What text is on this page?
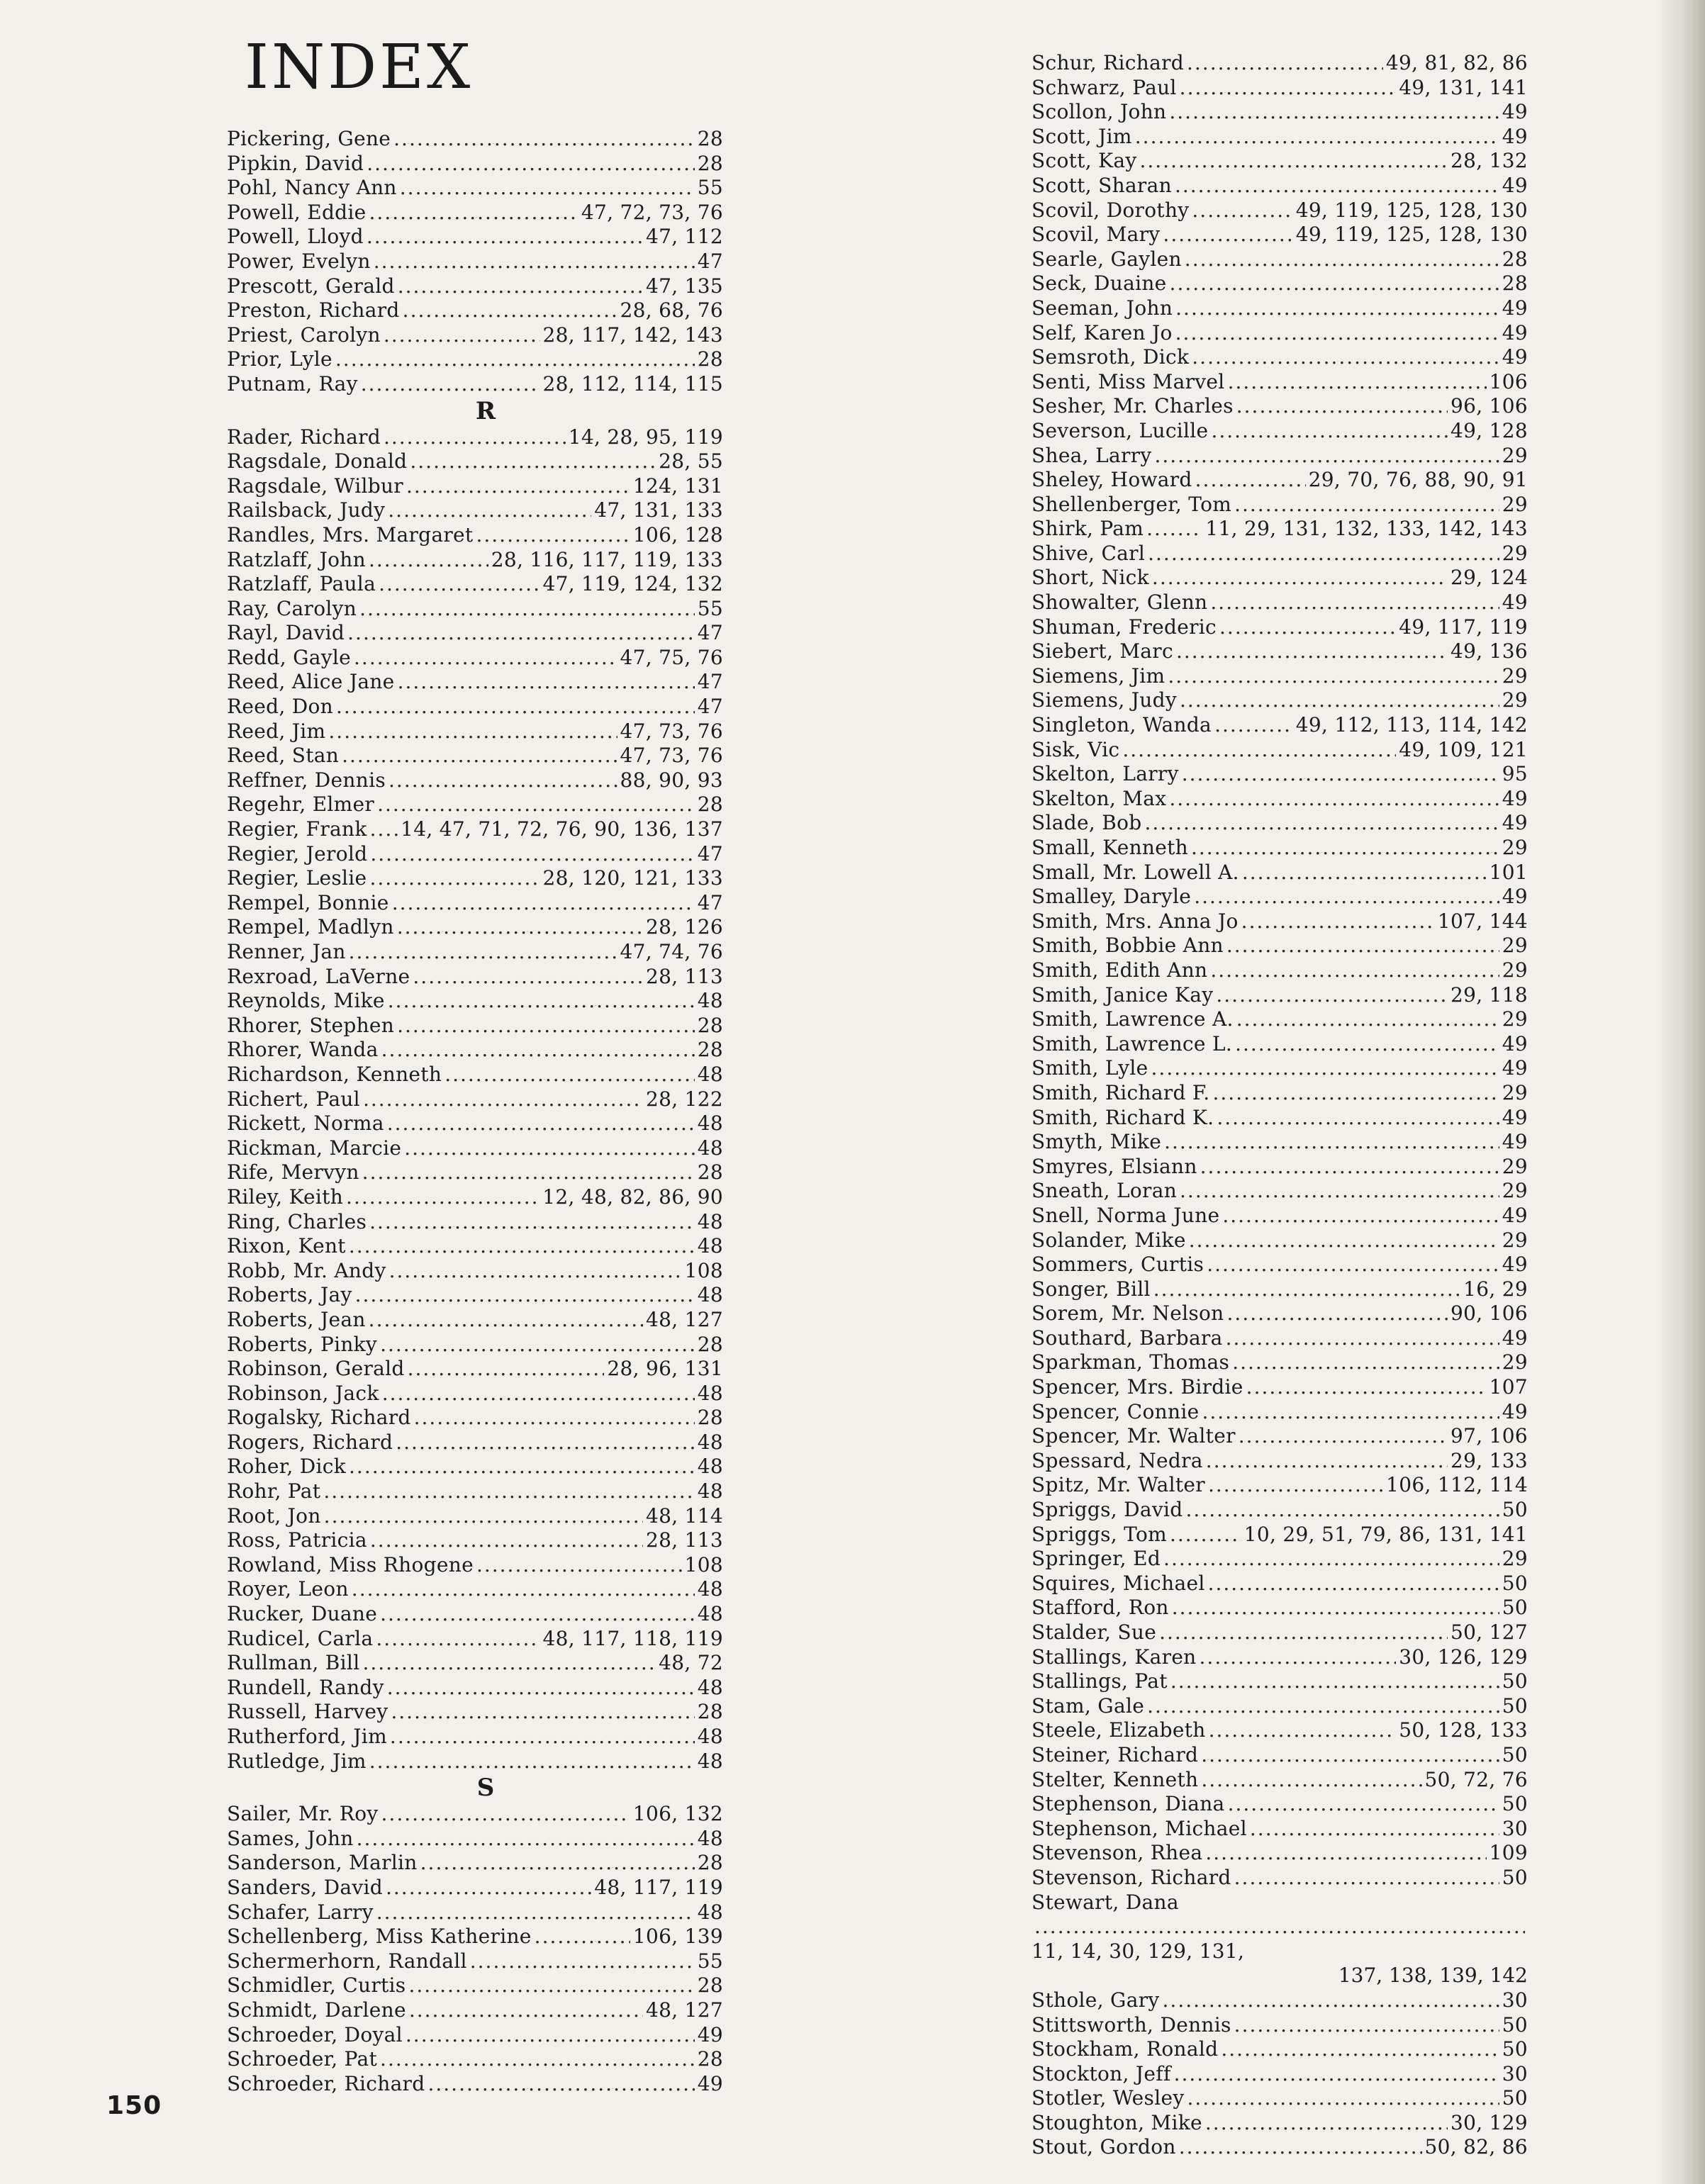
INDEX
Pickering, Gene .....	28
Pipkin, David .....	28
Pohl, Nancy Ann .....	55
Powell, Eddie .....	47, 72, 73, 76
Powell, Lloyd .....	47, 112
Power, Evelyn .....	47
Prescott, Gerald .....	47, 135
Preston, Richard .....	28, 68, 76
Priest, Carolyn .....	28, 117, 142, 143
Prior, Lyle .....	28
Putnam, Ray .....	28, 112, 114, 115
R
Rader, Richard .....	14, 28, 95, 119
Ragsdale, Donald .....	28, 55
Ragsdale, Wilbur .....	124, 131
Railsback, Judy .....	47, 131, 133
Randles, Mrs. Margaret .....	106, 128
Ratzlaff, John .....	28, 116, 117, 119, 133
Ratzlaff, Paula .....	47, 119, 124, 132
Ray, Carolyn .....	55
Rayl, David .....	47
Redd, Gayle .....	47, 75, 76
Reed, Alice Jane .....	47
Reed, Don .....	47
Reed, Jim .....	47, 73, 76
Reed, Stan .....	47, 73, 76
Reffner, Dennis .....	88, 90, 93
Regehr, Elmer .....	28
Regier, Frank ..... 14, 47, 71, 72, 76, 90, 136, 137
Regier, Jerold .....	47
Regier, Leslie .....	28, 120, 121, 133
Rempel, Bonnie .....	47
Rempel, Madlyn .....	28, 126
Renner, Jan .....	47, 74, 76
Rexroad, LaVerne .....	28, 113
Reynolds, Mike .....	48
Rhorer, Stephen .....	28
Rhorer, Wanda .....	28
Richardson, Kenneth .....	48
Richert, Paul .....	28, 122
Rickett, Norma .....	48
Rickman, Marcie .....	48
Rife, Mervyn .....	28
Riley, Keith .....	12, 48, 82, 86, 90
Ring, Charles .....	48
Rixon, Kent .....	48
Robb, Mr. Andy .....	108
Roberts, Jay .....	48
Roberts, Jean .....	48, 127
Roberts, Pinky .....	28
Robinson, Gerald .....	28, 96, 131
Robinson, Jack .....	48
Rogalsky, Richard .....	28
Rogers, Richard .....	48
Roher, Dick .....	48
Rohr, Pat .....	48
Root, Jon .....	48, 114
Ross, Patricia .....	28, 113
Rowland, Miss Rhogene .....	108
Royer, Leon .....	48
Rucker, Duane .....	48
Rudicel, Carla .....	48, 117, 118, 119
Rullman, Bill .....	48, 72
Rundell, Randy .....	48
Russell, Harvey .....	28
Rutherford, Jim .....	48
Rutledge, Jim .....	48
S
Sailer, Mr. Roy .....	106, 132
Sames, John .....	48
Sanderson, Marlin .....	28
Sanders, David .....	48, 117, 119
Schafer, Larry .....	48
Schellenberg, Miss Katherine .....	106, 139
Schermerhorn, Randall .....	55
Schmidler, Curtis .....	28
Schmidt, Darlene .....	48, 127
Schroeder, Doyal .....	49
Schroeder, Pat .....	28
Schroeder, Richard .....	49
Schur, Richard .....	49, 81, 82, 86
Schwarz, Paul .....	49, 131, 141
Scollon, John .....	49
Scott, Jim .....	49
Scott, Kay .....	28, 132
Scott, Sharan .....	49
Scovil, Dorothy .....	49, 119, 125, 128, 130
Scovil, Mary .....	49, 119, 125, 128, 130
Searle, Gaylen .....	28
Seck, Duaine .....	28
Seeman, John .....	49
Self, Karen Jo .....	49
Semsroth, Dick .....	49
Senti, Miss Marvel .....	106
Sesher, Mr. Charles .....	96, 106
Severson, Lucille .....	49, 128
Shea, Larry .....	29
Sheley, Howard .....	29, 70, 76, 88, 90, 91
Shellenberger, Tom .....	29
Shirk, Pam .....	11, 29, 131, 132, 133, 142, 143
Shive, Carl .....	29
Short, Nick .....	29, 124
Showalter, Glenn .....	49
Shuman, Frederic .....	49, 117, 119
Siebert, Marc .....	49, 136
Siemens, Jim .....	29
Siemens, Judy .....	29
Singleton, Wanda .....	49, 112, 113, 114, 142
Sisk, Vic .....	49, 109, 121
Skelton, Larry .....	95
Skelton, Max .....	49
Slade, Bob .....	49
Small, Kenneth .....	29
Small, Mr. Lowell A. .....	101
Smalley, Daryle .....	49
Smith, Mrs. Anna Jo .....	107, 144
Smith, Bobbie Ann .....	29
Smith, Edith Ann .....	29
Smith, Janice Kay .....	29, 118
Smith, Lawrence A. .....	29
Smith, Lawrence L. .....	49
Smith, Lyle .....	49
Smith, Richard F. .....	29
Smith, Richard K. .....	49
Smyth, Mike .....	49
Smyres, Elsiann .....	29
Sneath, Loran .....	29
Snell, Norma June .....	49
Solander, Mike .....	29
Sommers, Curtis .....	49
Songer, Bill .....	16, 29
Sorem, Mr. Nelson .....	90, 106
Southard, Barbara .....	49
Sparkman, Thomas .....	29
Spencer, Mrs. Birdie .....	107
Spencer, Connie .....	49
Spencer, Mr. Walter .....	97, 106
Spessard, Nedra .....	29, 133
Spitz, Mr. Walter .....	106, 112, 114
Spriggs, David .....	50
Spriggs, Tom .....	10, 29, 51, 79, 86, 131, 141
Springer, Ed .....	29
Squires, Michael .....	50
Stafford, Ron .....	50
Stalder, Sue .....	50, 127
Stallings, Karen .....	30, 126, 129
Stallings, Pat .....	50
Stam, Gale .....	50
Steele, Elizabeth .....	50, 128, 133
Steiner, Richard .....	50
Stelter, Kenneth .....	50, 72, 76
Stephenson, Diana .....	50
Stephenson, Michael .....	30
Stevenson, Rhea .....	109
Stevenson, Richard .....	50
Stewart, Dana
.....
11, 14, 30, 129, 131,
137, 138, 139, 142
Sthole, Gary .....	30
Stittsworth, Dennis .....	50
Stockham, Ronald .....	50
Stockton, Jeff .....	30
Stotler, Wesley .....	50
Stoughton, Mike .....	30, 129
Stout, Gordon .....	50, 82, 86
150
